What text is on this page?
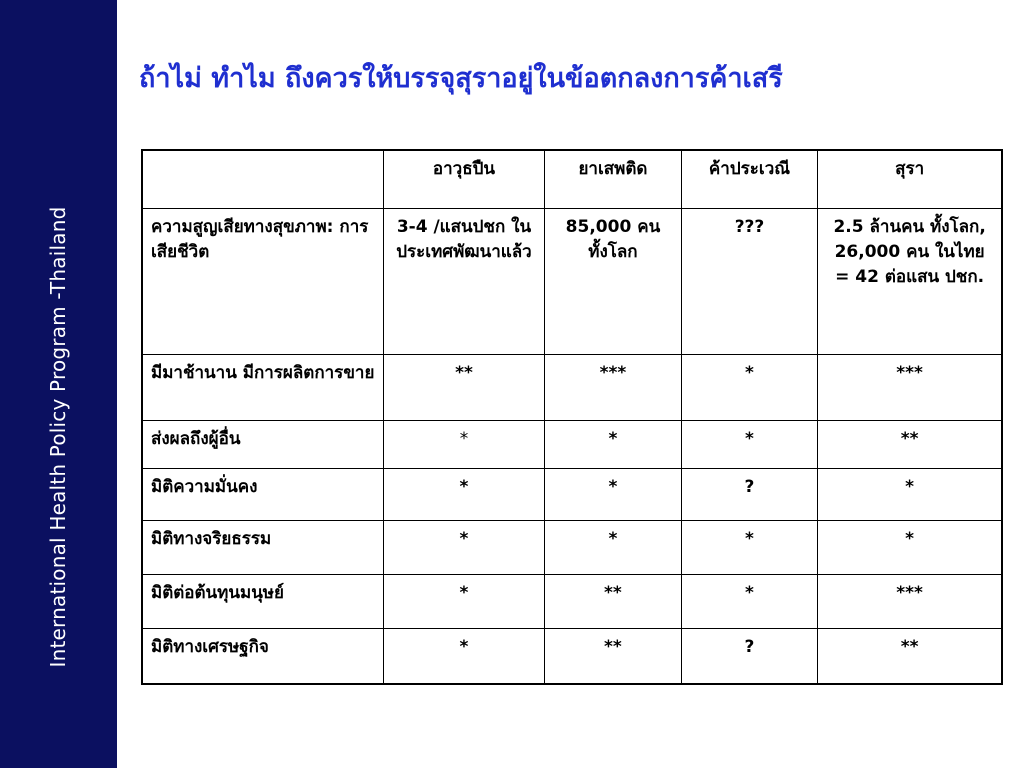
International Health Policy Program -Thailand
ถ้าไม่ ทำไม ถึงควรให้บรรจุสุราอยู่ในข้อตกลงการค้าเสรี
	อาวุธปืน	ยาเสพติด	ค้าประเวณี	สุรา
ความสูญเสียทางสุขภาพ: การเสียชีวิต	3-4 /แสนปชก ในประเทศพัฒนาแล้ว	85,000 คน ทั้งโลก	???	2.5 ล้านคน ทั้งโลก, 26,000 คน ในไทย = 42 ต่อแสน ปชก.
มีมาช้านาน มีการผลิตการขาย	**	***	*	***
ส่งผลถึงผู้อื่น	*	*	*	**
มิติความมั่นคง	*	*	?	*
มิติทางจริยธรรม	*	*	*	*
มิติต่อต้นทุนมนุษย์	*	**	*	***
มิติทางเศรษฐกิจ	*	**	?	**
